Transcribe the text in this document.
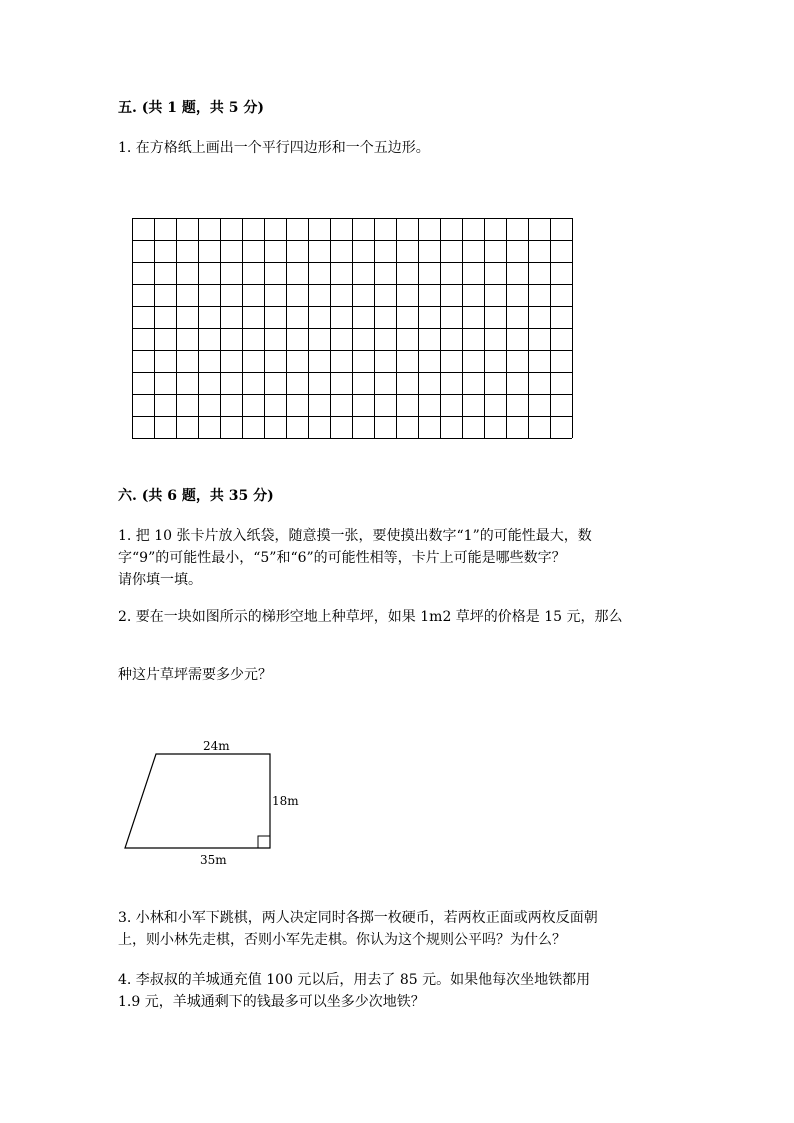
五. (共 1 题，共 5 分)
1. 在方格纸上画出一个平行四边形和一个五边形。
六. (共 6 题，共 35 分)
1. 把 10 张卡片放入纸袋，随意摸一张，要使摸出数字“1”的可能性最大，数
字“9”的可能性最小，“5”和“6”的可能性相等，卡片上可能是哪些数字？
请你填一填。
2. 要在一块如图所示的梯形空地上种草坪，如果 1m2 草坪的价格是 15 元，那么
种这片草坪需要多少元？
24m
18m
35m
3. 小林和小军下跳棋，两人决定同时各掷一枚硬币，若两枚正面或两枚反面朝
上，则小林先走棋，否则小军先走棋。你认为这个规则公平吗？为什么？
4. 李叔叔的羊城通充值 100 元以后，用去了 85 元。如果他每次坐地铁都用
1.9 元，羊城通剩下的钱最多可以坐多少次地铁？
